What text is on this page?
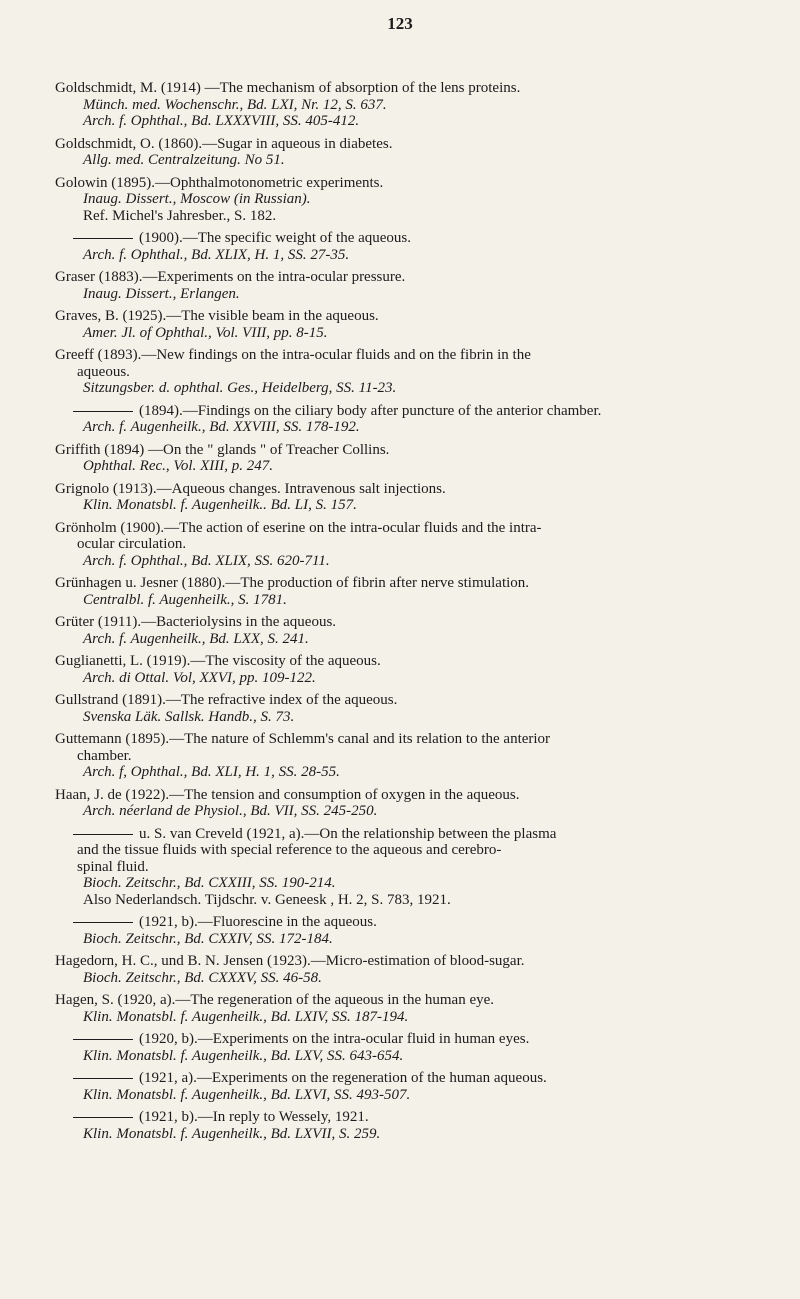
123
Goldschmidt, M. (1914) —The mechanism of absorption of the lens proteins.
Münch. med. Wochenschr., Bd. LXI, Nr. 12, S. 637.
Arch. f. Ophthal., Bd. LXXXVIII, SS. 405-412.
Goldschmidt, O. (1860).—Sugar in aqueous in diabetes.
Allg. med. Centralzeitung. No 51.
Golowin (1895).—Ophthalmotonometric experiments.
Inaug. Dissert., Moscow (in Russian).
Ref. Michel's Jahresber., S. 182.
(1900).—The specific weight of the aqueous.
Arch. f. Ophthal., Bd. XLIX, H. 1, SS. 27-35.
Graser (1883).—Experiments on the intra-ocular pressure.
Inaug. Dissert., Erlangen.
Graves, B. (1925).—The visible beam in the aqueous.
Amer. Jl. of Ophthal., Vol. VIII, pp. 8-15.
Greeff (1893).—New findings on the intra-ocular fluids and on the fibrin in the
aqueous.
Sitzungsber. d. ophthal. Ges., Heidelberg, SS. 11-23.
(1894).—Findings on the ciliary body after puncture of the anterior chamber.
Arch. f. Augenheilk., Bd. XXVIII, SS. 178-192.
Griffith (1894) —On the " glands " of Treacher Collins.
Ophthal. Rec., Vol. XIII, p. 247.
Grignolo (1913).—Aqueous changes. Intravenous salt injections.
Klin. Monatsbl. f. Augenheilk.. Bd. LI, S. 157.
Grönholm (1900).—The action of eserine on the intra-ocular fluids and the intra-
ocular circulation.
Arch. f. Ophthal., Bd. XLIX, SS. 620-711.
Grünhagen u. Jesner (1880).—The production of fibrin after nerve stimulation.
Centralbl. f. Augenheilk., S. 1781.
Grüter (1911).—Bacteriolysins in the aqueous.
Arch. f. Augenheilk., Bd. LXX, S. 241.
Guglianetti, L. (1919).—The viscosity of the aqueous.
Arch. di Ottal. Vol, XXVI, pp. 109-122.
Gullstrand (1891).—The refractive index of the aqueous.
Svenska Läk. Sallsk. Handb., S. 73.
Guttemann (1895).—The nature of Schlemm's canal and its relation to the anterior
chamber.
Arch. f, Ophthal., Bd. XLI, H. 1, SS. 28-55.
Haan, J. de (1922).—The tension and consumption of oxygen in the aqueous.
Arch. néerland de Physiol., Bd. VII, SS. 245-250.
u. S. van Creveld (1921, a).—On the relationship between the plasma
and the tissue fluids with special reference to the aqueous and cerebro-
spinal fluid.
Bioch. Zeitschr., Bd. CXXIII, SS. 190-214.
Also Nederlandsch. Tijdschr. v. Geneesk , H. 2, S. 783, 1921.
(1921, b).—Fluorescine in the aqueous.
Bioch. Zeitschr., Bd. CXXIV, SS. 172-184.
Hagedorn, H. C., und B. N. Jensen (1923).—Micro-estimation of blood-sugar.
Bioch. Zeitschr., Bd. CXXXV, SS. 46-58.
Hagen, S. (1920, a).—The regeneration of the aqueous in the human eye.
Klin. Monatsbl. f. Augenheilk., Bd. LXIV, SS. 187-194.
(1920, b).—Experiments on the intra-ocular fluid in human eyes.
Klin. Monatsbl. f. Augenheilk., Bd. LXV, SS. 643-654.
(1921, a).—Experiments on the regeneration of the human aqueous.
Klin. Monatsbl. f. Augenheilk., Bd. LXVI, SS. 493-507.
(1921, b).—In reply to Wessely, 1921.
Klin. Monatsbl. f. Augenheilk., Bd. LXVII, S. 259.
